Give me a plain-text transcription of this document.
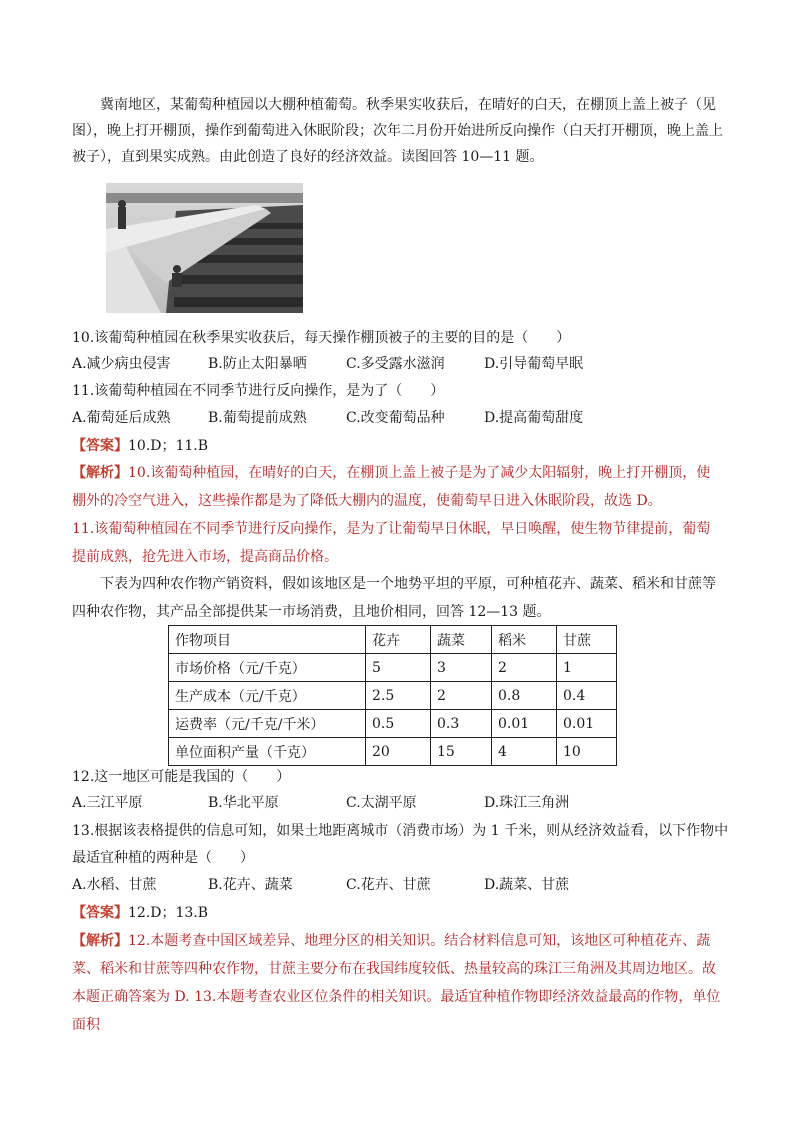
冀南地区，某葡萄种植园以大棚种植葡萄。秋季果实收获后，在晴好的白天，在棚顶上盖上被子（见图），晚上打开棚顶，操作到葡萄进入休眠阶段；次年二月份开始进所反向操作（白天打开棚顶，晚上盖上被子），直到果实成熟。由此创造了良好的经济效益。读图回答 10—11 题。

10.该葡萄种植园在秋季果实收获后，每天操作棚顶被子的主要的目的是（　　）
A.减少病虫侵害	B.防止太阳暴晒	C.多受露水滋润	D.引导葡萄早眠
11.该葡萄种植园在不同季节进行反向操作，是为了（　　）
A.葡萄延后成熟	B.葡萄提前成熟	C.改变葡萄品种	D.提高葡萄甜度
【答案】10.D；11.B

【解析】10.该葡萄种植园，在晴好的白天，在棚顶上盖上被子是为了减少太阳辐射，晚上打开棚顶，使棚外的冷空气进入，这些操作都是为了降低大棚内的温度，使葡萄早日进入休眠阶段，故选 D。

11.该葡萄种植园在不同季节进行反向操作，是为了让葡萄早日休眠，早日唤醒，使生物节律提前，葡萄提前成熟，抢先进入市场，提高商品价格。

下表为四种农作物产销资料，假如该地区是一个地势平坦的平原，可种植花卉、蔬菜、稻米和甘蔗等四种农作物，其产品全部提供某一市场消费，且地价相同，回答 12—13 题。

作物项目	花卉	蔬菜	稻米	甘蔗
市场价格（元/千克）	5	3	2	1
生产成本（元/千克）	2.5	2	0.8	0.4
运费率（元/千克/千米）	0.5	0.3	0.01	0.01
单位面积产量（千克）	20	15	4	10
12.这一地区可能是我国的（　　）
A.三江平原	B.华北平原	C.太湖平原	D.珠江三角洲
13.根据该表格提供的信息可知，如果土地距离城市（消费市场）为 1 千米，则从经济效益看，以下作物中
最适宜种植的两种是（　　）
A.水稻、甘蔗	B.花卉、蔬菜	C.花卉、甘蔗	D.蔬菜、甘蔗
【答案】12.D；13.B

【解析】12.本题考查中国区域差异、地理分区的相关知识。结合材料信息可知，该地区可种植花卉、蔬菜、稻米和甘蔗等四种农作物，甘蔗主要分布在我国纬度较低、热量较高的珠江三角洲及其周边地区。故本题正确答案为 D. 13.本题考查农业区位条件的相关知识。最适宜种植作物即经济效益最高的作物，单位面积
